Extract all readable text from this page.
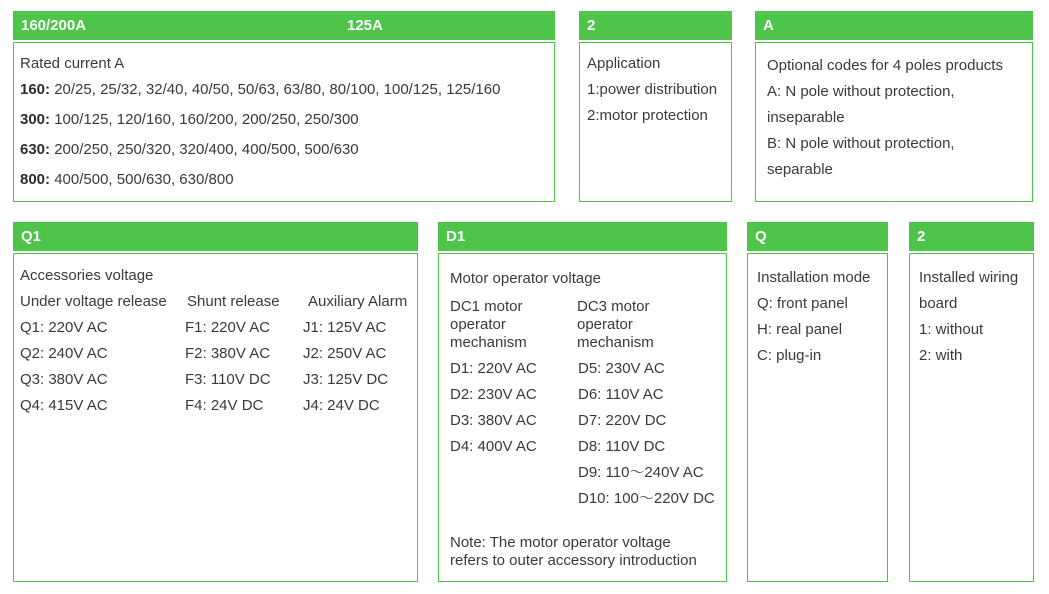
160/200A	125A
Rated current A
160: 20/25, 25/32, 32/40, 40/50, 50/63, 63/80, 80/100, 100/125, 125/160
300: 100/125, 120/160, 160/200, 200/250, 250/300
630: 200/250, 250/320, 320/400, 400/500, 500/630
800: 400/500, 500/630, 630/800
2
Application
1:power distribution
2:motor protection
A
Optional codes for 4 poles products
A: N pole without protection,
inseparable
B: N pole without protection,
separable
Q1
Accessories voltage
Under voltage release Shunt release Auxiliary Alarm
Q1: 220V AC
Q2: 240V AC
Q3: 380V AC
Q4: 415V AC
F1: 220V AC
F2: 380V AC
F3: 110V DC
F4: 24V DC
J1: 125V AC
J2: 250V AC
J3: 125V DC
J4: 24V DC
D1
Motor operator voltage
DC1 motor
operator
mechanism
DC3 motor
operator
mechanism
D1: 220V AC
D2: 230V AC
D3: 380V AC
D4: 400V AC
D5: 230V AC
D6: 110V AC
D7: 220V DC
D8: 110V DC
D9: 110～240V AC
D10: 100～220V DC
Note: The motor operator voltage
refers to outer accessory introduction
Q
Installation mode
Q: front panel
H: real panel
C: plug-in
2
Installed wiring
board
1: without
2: with
